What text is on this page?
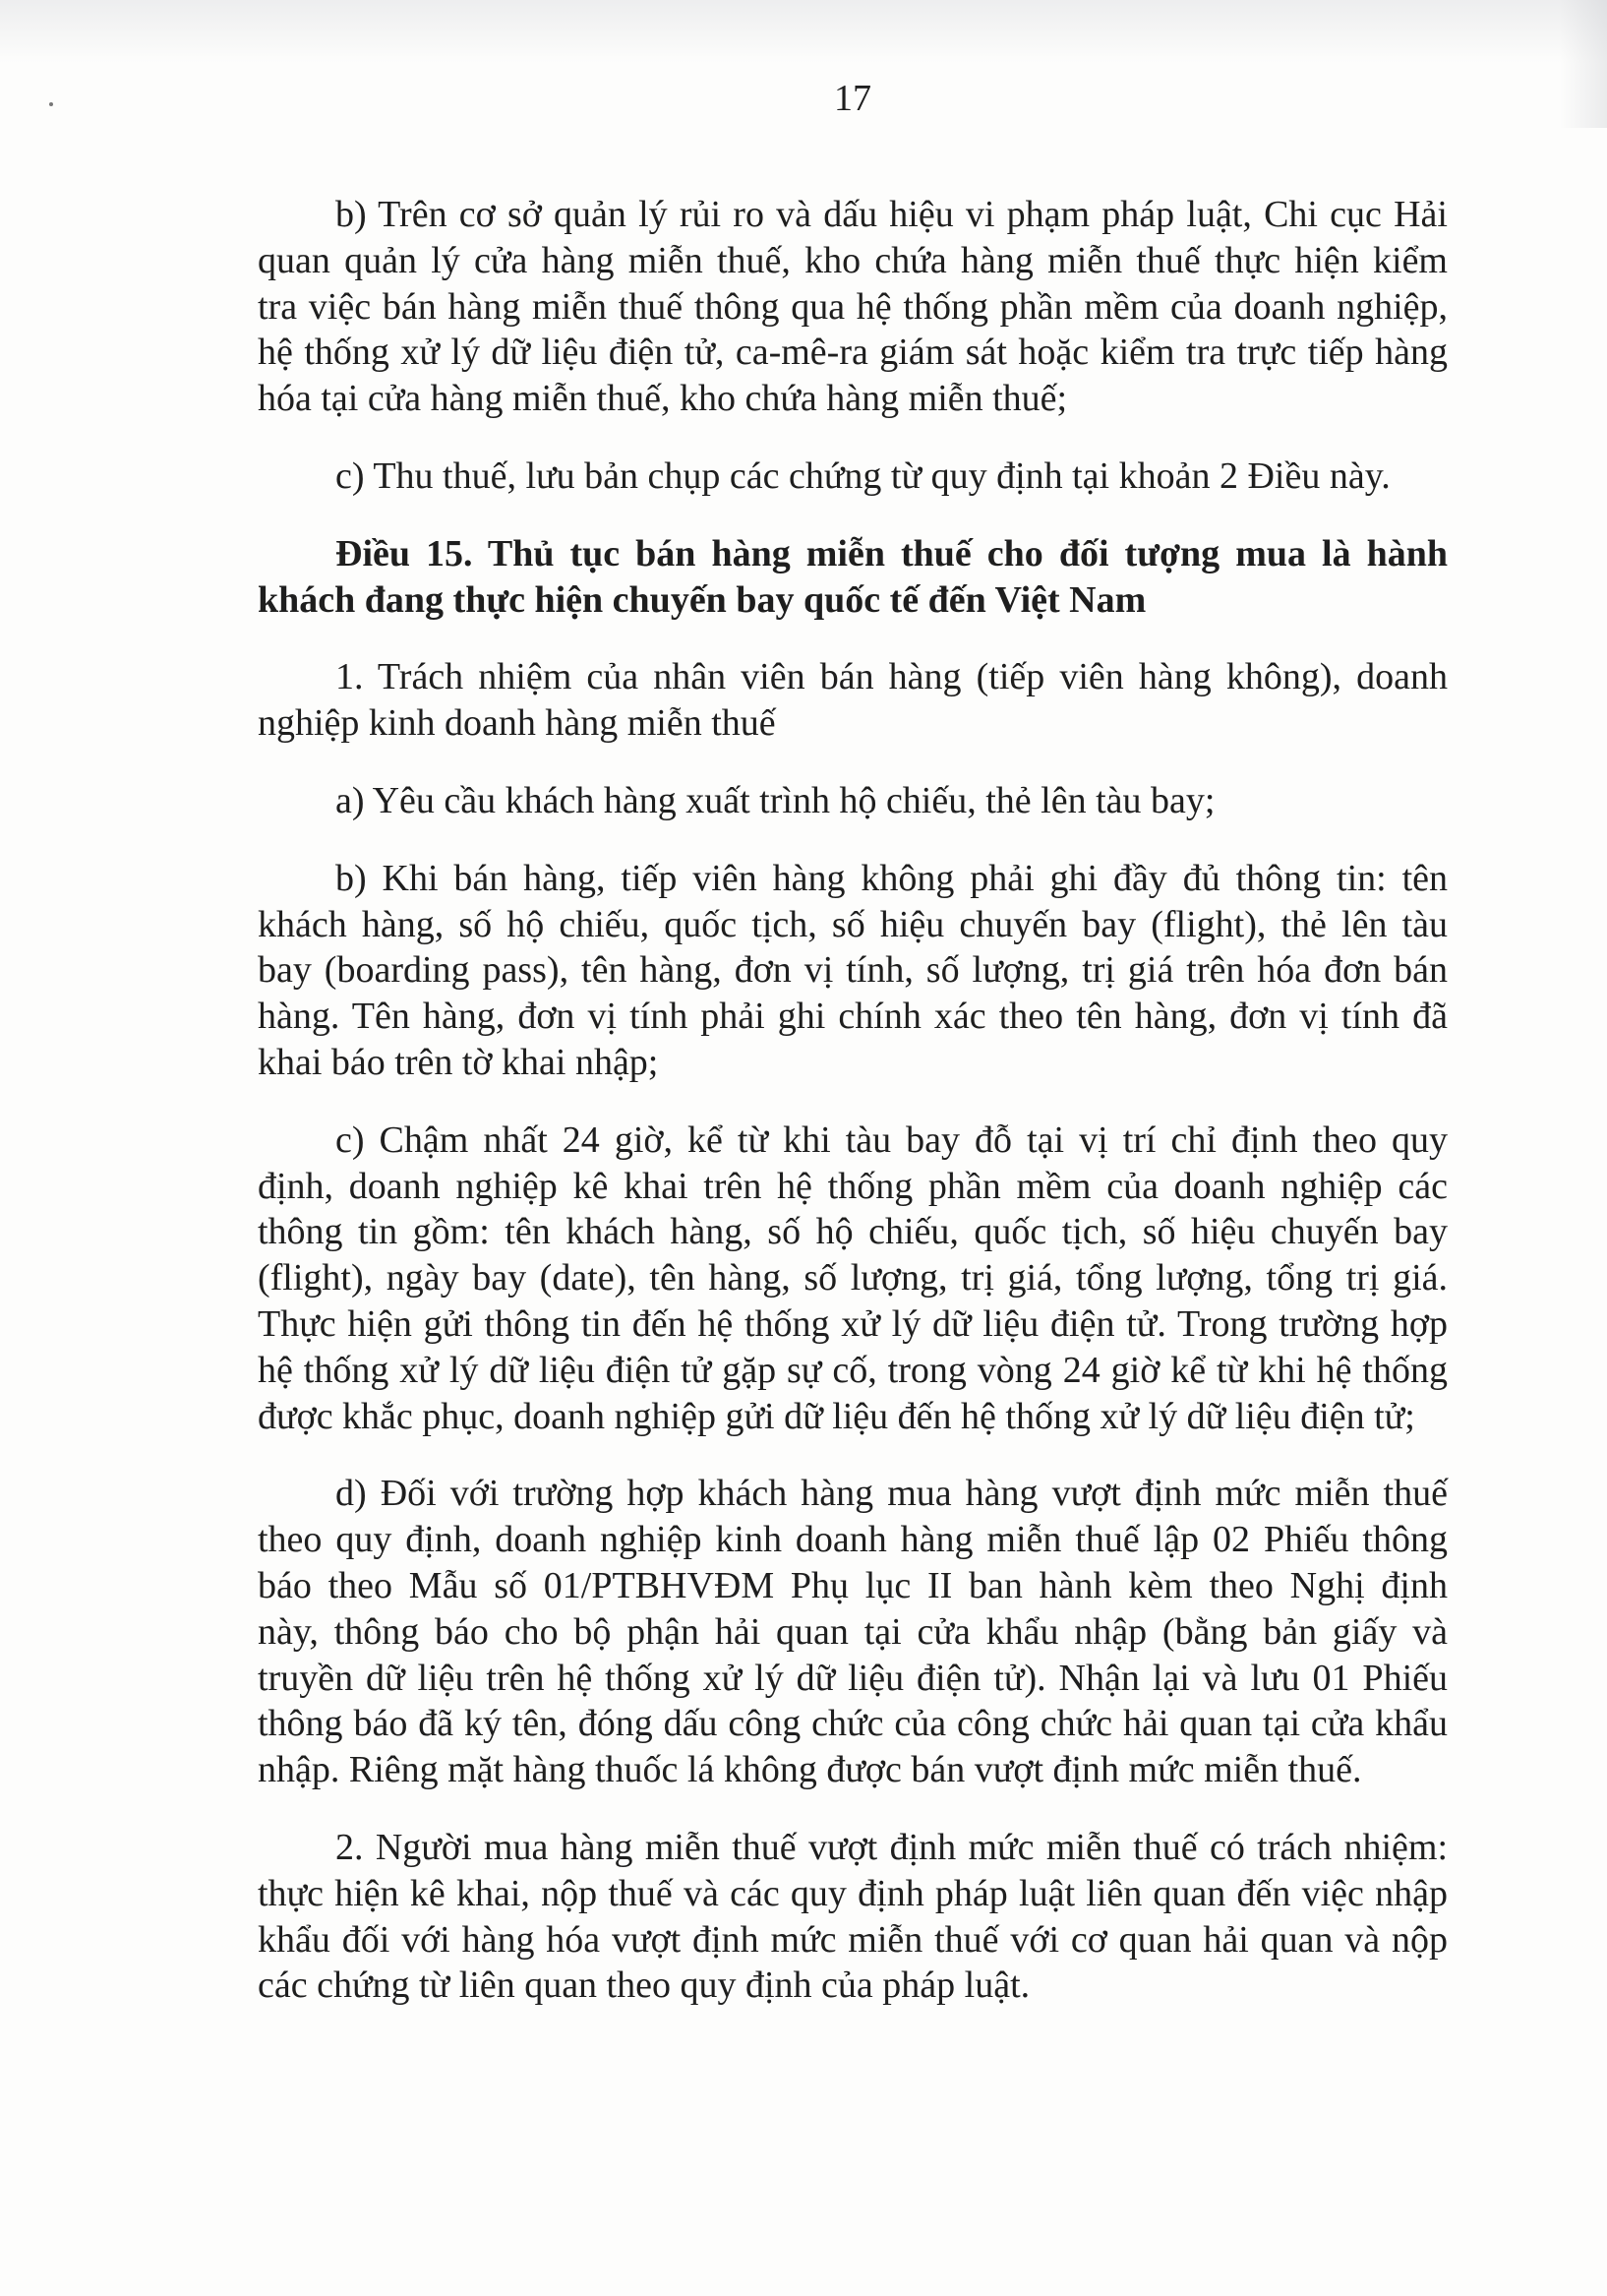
17
b) Trên cơ sở quản lý rủi ro và dấu hiệu vi phạm pháp luật, Chi cục Hải
quan quản lý cửa hàng miễn thuế, kho chứa hàng miễn thuế thực hiện kiểm
tra việc bán hàng miễn thuế thông qua hệ thống phần mềm của doanh nghiệp,
hệ thống xử lý dữ liệu điện tử, ca-mê-ra giám sát hoặc kiểm tra trực tiếp hàng
hóa tại cửa hàng miễn thuế, kho chứa hàng miễn thuế;
c) Thu thuế, lưu bản chụp các chứng từ quy định tại khoản 2 Điều này.
Điều 15. Thủ tục bán hàng miễn thuế cho đối tượng mua là hành
khách đang thực hiện chuyến bay quốc tế đến Việt Nam
1. Trách nhiệm của nhân viên bán hàng (tiếp viên hàng không), doanh
nghiệp kinh doanh hàng miễn thuế
a) Yêu cầu khách hàng xuất trình hộ chiếu, thẻ lên tàu bay;
b) Khi bán hàng, tiếp viên hàng không phải ghi đầy đủ thông tin: tên
khách hàng, số hộ chiếu, quốc tịch, số hiệu chuyến bay (flight), thẻ lên tàu
bay (boarding pass), tên hàng, đơn vị tính, số lượng, trị giá trên hóa đơn bán
hàng. Tên hàng, đơn vị tính phải ghi chính xác theo tên hàng, đơn vị tính đã
khai báo trên tờ khai nhập;
c) Chậm nhất 24 giờ, kể từ khi tàu bay đỗ tại vị trí chỉ định theo quy
định, doanh nghiệp kê khai trên hệ thống phần mềm của doanh nghiệp các
thông tin gồm: tên khách hàng, số hộ chiếu, quốc tịch, số hiệu chuyến bay
(flight), ngày bay (date), tên hàng, số lượng, trị giá, tổng lượng, tổng trị giá.
Thực hiện gửi thông tin đến hệ thống xử lý dữ liệu điện tử. Trong trường hợp
hệ thống xử lý dữ liệu điện tử gặp sự cố, trong vòng 24 giờ kể từ khi hệ thống
được khắc phục, doanh nghiệp gửi dữ liệu đến hệ thống xử lý dữ liệu điện tử;
d) Đối với trường hợp khách hàng mua hàng vượt định mức miễn thuế
theo quy định, doanh nghiệp kinh doanh hàng miễn thuế lập 02 Phiếu thông
báo theo Mẫu số 01/PTBHVĐM Phụ lục II ban hành kèm theo Nghị định
này, thông báo cho bộ phận hải quan tại cửa khẩu nhập (bằng bản giấy và
truyền dữ liệu trên hệ thống xử lý dữ liệu điện tử). Nhận lại và lưu 01 Phiếu
thông báo đã ký tên, đóng dấu công chức của công chức hải quan tại cửa khẩu
nhập. Riêng mặt hàng thuốc lá không được bán vượt định mức miễn thuế.
2. Người mua hàng miễn thuế vượt định mức miễn thuế có trách nhiệm:
thực hiện kê khai, nộp thuế và các quy định pháp luật liên quan đến việc nhập
khẩu đối với hàng hóa vượt định mức miễn thuế với cơ quan hải quan và nộp
các chứng từ liên quan theo quy định của pháp luật.
